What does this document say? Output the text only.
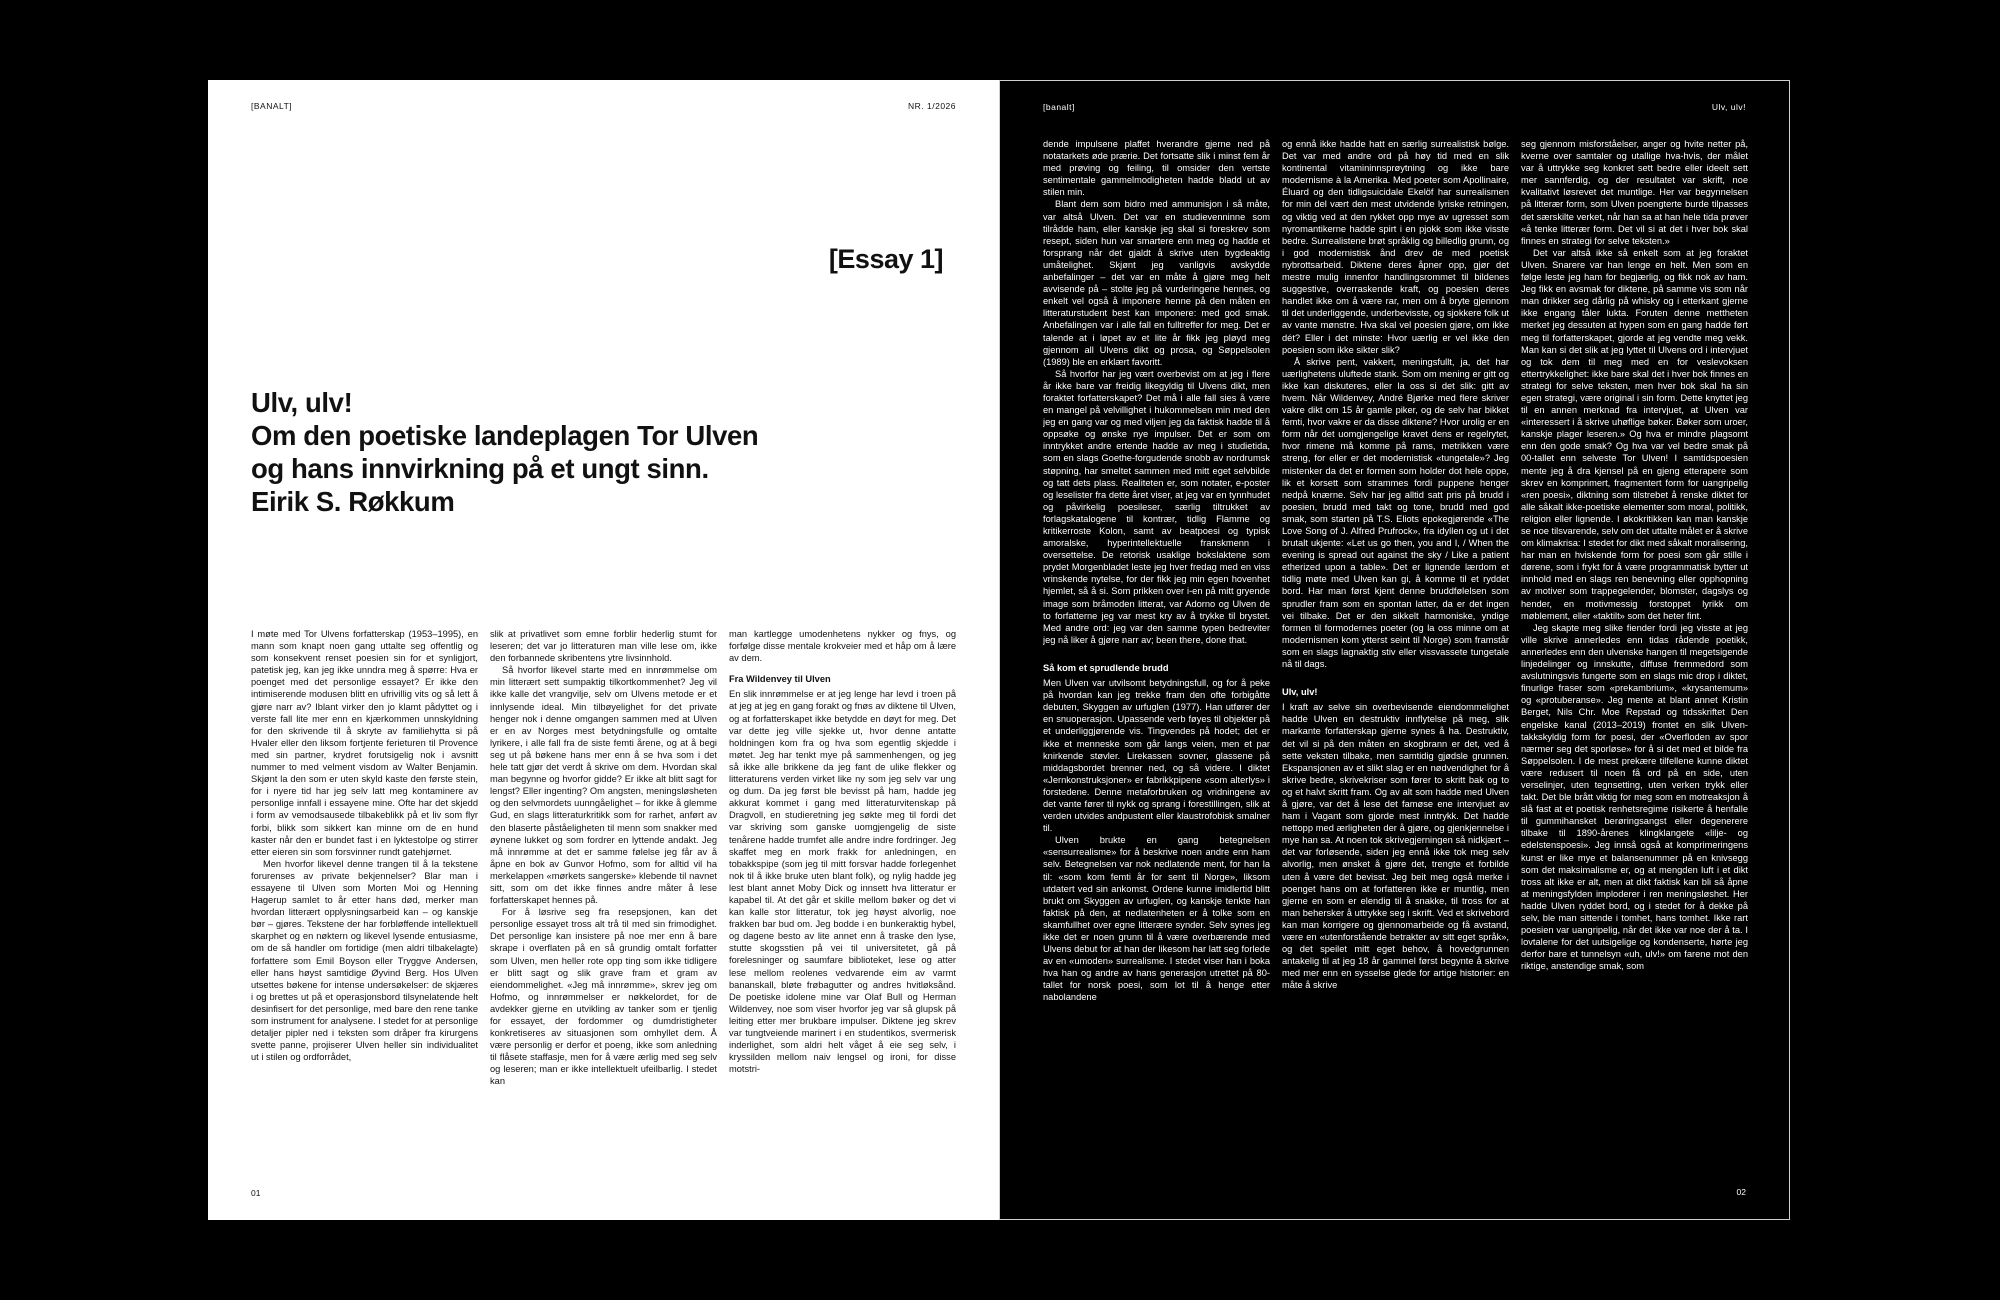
[BANALT]	NR. 1/2026
[Essay 1]
Ulv, ulv!
Om den poetiske landeplagen Tor Ulven
og hans innvirkning på et ungt sinn.
Eirik S. Røkkum

I møte med Tor Ulvens forfatterskap (1953–1995), en mann som knapt noen gang uttalte seg offentlig og som konsekvent renset poesien sin for et synligjort, patetisk jeg, kan jeg ikke unndra meg å spørre: Hva er poenget med det personlige essayet? Er ikke den intimiserende modusen blitt en ufrivillig vits og så lett å gjøre narr av? Iblant virker den jo klamt pådyttet og i verste fall lite mer enn en kjærkommen unnskyldning for den skrivende til å skryte av familiehytta si på Hvaler eller den liksom fortjente ferieturen til Provence med sin partner, krydret forutsigelig nok i avsnitt nummer to med velment visdom av Walter Benjamin. Skjønt la den som er uten skyld kaste den første stein, for i nyere tid har jeg selv latt meg kontaminere av personlige innfall i essayene mine. Ofte har det skjedd i form av vemodsausede tilbakeblikk på et liv som flyr forbi, blikk som sikkert kan minne om de en hund kaster når den er bundet fast i en lyktestolpe og stirrer etter eieren sin som forsvinner rundt gatehjørnet.

Men hvorfor likevel denne trangen til å la tekstene forurenses av private bekjennelser? Blar man i essayene til Ulven som Morten Moi og Henning Hagerup samlet to år etter hans død, merker man hvordan litterært opplysningsarbeid kan – og kanskje bør – gjøres. Tekstene der har forbløffende intellektuell skarphet og en nøktern og likevel lysende entusiasme, om de så handler om fortidige (men aldri tilbakelagte) forfattere som Emil Boyson eller Tryggve Andersen, eller hans høyst samtidige Øyvind Berg. Hos Ulven utsettes bøkene for intense undersøkelser: de skjæres i og brettes ut på et operasjonsbord tilsynelatende helt desinfisert for det personlige, med bare den rene tanke som instrument for analysene. I stedet for at personlige detaljer pipler ned i teksten som dråper fra kirurgens svette panne, projiserer Ulven heller sin individualitet ut i stilen og ordforrådet,

slik at privatlivet som emne forblir hederlig stumt for leseren; det var jo litteraturen man ville lese om, ikke den forbannede skribentens ytre livsinnhold.

Så hvorfor likevel starte med en innrømmelse om min litterært sett sumpaktig tilkortkommenhet? Jeg vil ikke kalle det vrangvilje, selv om Ulvens metode er et innlysende ideal. Min tilbøyelighet for det private henger nok i denne omgangen sammen med at Ulven er en av Norges mest betydningsfulle og omtalte lyrikere, i alle fall fra de siste femti årene, og at å begi seg ut på bøkene hans mer enn å se hva som i det hele tatt gjør det verdt å skrive om dem. Hvordan skal man begynne og hvorfor gidde? Er ikke alt blitt sagt for lengst? Eller ingenting? Om angsten, meningsløsheten og den selvmordets uunngåelighet – for ikke å glemme Gud, en slags litteraturkritikk som for rarhet, anført av den blaserte påståeligheten til menn som snakker med øynene lukket og som fordrer en lyttende andakt. Jeg må innrømme at det er samme følelse jeg får av å åpne en bok av Gunvor Hofmo, som for alltid vil ha merkelappen «mørkets sangerske» klebende til navnet sitt, som om det ikke finnes andre måter å lese forfatterskapet hennes på.

For å løsrive seg fra resepsjonen, kan det personlige essayet tross alt trå til med sin frimodighet. Det personlige kan insistere på noe mer enn å bare skrape i overflaten på en så grundig omtalt forfatter som Ulven, men heller rote opp ting som ikke tidligere er blitt sagt og slik grave fram et gram av eiendommelighet. «Jeg må innrømme», skrev jeg om Hofmo, og innrømmelser er nøkkelordet, for de avdekker gjerne en utvikling av tanker som er tjenlig for essayet, der fordommer og dumdristigheter konkretiseres av situasjonen som omhyllet dem. Å være personlig er derfor et poeng, ikke som anledning til flåsete staffasje, men for å være ærlig med seg selv og leseren; man er ikke intellektuelt ufeilbarlig. I stedet kan

man kartlegge umodenhetens nykker og fnys, og forfølge disse mentale krokveier med et håp om å lære av dem.

Fra Wildenvey til Ulven

En slik innrømmelse er at jeg lenge har levd i troen på at jeg at jeg en gang forakt og fnøs av diktene til Ulven, og at forfatterskapet ikke betydde en døyt for meg. Det var dette jeg ville sjekke ut, hvor denne antatte holdningen kom fra og hva som egentlig skjedde i møtet. Jeg har tenkt mye på sammenhengen, og jeg så ikke alle brikkene da jeg fant de ulike flekker og litteraturens verden virket like ny som jeg selv var ung og dum. Da jeg først ble bevisst på ham, hadde jeg akkurat kommet i gang med litteraturvitenskap på Dragvoll, en studieretning jeg søkte meg til fordi det var skriving som ganske uomgjengelig de siste tenårene hadde trumfet alle andre indre fordringer. Jeg skaffet meg en mork frakk for anledningen, en tobakkspipe (som jeg til mitt forsvar hadde forlegenhet nok til å ikke bruke uten blant folk), og nylig hadde jeg lest blant annet Moby Dick og innsett hva litteratur er kapabel til. At det går et skille mellom bøker og det vi kan kalle stor litteratur, tok jeg høyst alvorlig, noe frakken bar bud om. Jeg bodde i en bunkeraktig hybel, og dagene besto av lite annet enn å traske den lyse, stutte skogsstien på vei til universitetet, gå på forelesninger og saumfare biblioteket, lese og atter lese mellom reolenes vedvarende eim av varmt bananskall, bløte frøbagutter og andres hvitløksånd. De poetiske idolene mine var Olaf Bull og Herman Wildenvey, noe som viser hvorfor jeg var så glupsk på leiting etter mer brukbare impulser. Diktene jeg skrev var tungtveiende marinert i en studentikos, svermerisk inderlighet, som aldri helt våget å eie seg selv, i kryssilden mellom naiv lengsel og ironi, for disse motstri-

01
[banalt]	Ulv, ulv!

dende impulsene plaffet hverandre gjerne ned på notatarkets øde prærie. Det fortsatte slik i minst fem år med prøving og feiling, til omsider den vertste sentimentale gammelmodigheten hadde bladd ut av stilen min.

Blant dem som bidro med ammunisjon i så måte, var altså Ulven. Det var en studievenninne som tilrådde ham, eller kanskje jeg skal si foreskrev som resept, siden hun var smartere enn meg og hadde et forsprang når det gjaldt å skrive uten bygdeaktig umåtelighet. Skjønt jeg vanligvis avskydde anbefalinger – det var en måte å gjøre meg helt avvisende på – stolte jeg på vurderingene hennes, og enkelt vel også å imponere henne på den måten en litteraturstudent best kan imponere: med god smak. Anbefalingen var i alle fall en fulltreffer for meg. Det er talende at i løpet av et lite år fikk jeg pløyd meg gjennom all Ulvens dikt og prosa, og Søppelsolen (1989) ble en erklært favoritt.

Så hvorfor har jeg vært overbevist om at jeg i flere år ikke bare var freidig likegyldig til Ulvens dikt, men foraktet forfatterskapet? Det må i alle fall sies å være en mangel på velvillighet i hukommelsen min med den jeg en gang var og med viljen jeg da faktisk hadde til å oppsøke og ønske nye impulser. Det er som om inntrykket andre ertende hadde av meg i studietida, som en slags Goethe-forgudende snobb av nordrumsk støpning, har smeltet sammen med mitt eget selvbilde og tatt dets plass. Realiteten er, som notater, e-poster og leselister fra dette året viser, at jeg var en tynnhudet og påvirkelig poesileser, særlig tiltrukket av forlagskatalogene til kontrær, tidlig Flamme og kritikerroste Kolon, samt av beatpoesi og typisk amoralske, hyperintellektuelle franskmenn i oversettelse. De retorisk usaklige bokslaktene som prydet Morgenbladet leste jeg hver fredag med en viss vrinskende nytelse, for der fikk jeg min egen hovenhet hjemlet, så å si. Som prikken over i-en på mitt gryende image som bråmoden litterat, var Adorno og Ulven de to forfatterne jeg var mest kry av å trykke til brystet. Med andre ord: jeg var den samme typen bedreviter jeg nå liker å gjøre narr av; been there, done that.

Så kom et sprudlende brudd

Men Ulven var utvilsomt betydningsfull, og for å peke på hvordan kan jeg trekke fram den ofte forbigåtte debuten, Skyggen av urfuglen (1977). Han utfører der en snuoperasjon. Upassende verb føyes til objekter på et underliggjørende vis. Tingvendes på hodet; det er ikke et menneske som går langs veien, men et par knirkende støvler. Lirekassen sovner, glassene på middagsbordet brenner ned, og så videre. I diktet «Jernkonstruksjoner» er fabrikkpipene «som alterlys» i forstedene. Denne metaforbruken og vridningene av det vante fører til nykk og sprang i forestillingen, slik at verden utvides andpustent eller klaustrofobisk smalner til.

Ulven brukte en gang betegnelsen «sensurrealisme» for å beskrive noen andre enn ham selv. Betegnelsen var nok nedlatende ment, for han la til: «som kom femti år for sent til Norge», liksom utdatert ved sin ankomst. Ordene kunne imidlertid blitt brukt om Skyggen av urfuglen, og kanskje tenkte han faktisk på den, at nedlatenheten er å tolke som en skamfullhet over egne litterære synder. Selv synes jeg ikke det er noen grunn til å være overbærende med Ulvens debut for at han der likesom har latt seg forlede av en «umoden» surrealisme. I stedet viser han i boka hva han og andre av hans generasjon utrettet på 80-tallet for norsk poesi, som lot til å henge etter nabolandene

og ennå ikke hadde hatt en særlig surrealistisk bølge. Det var med andre ord på høy tid med en slik kontinental vitamininnsprøytning og ikke bare modernisme à la Amerika. Med poeter som Apollinaire, Éluard og den tidligsuicidale Ekelöf har surrealismen for min del vært den mest utvidende lyriske retningen, og viktig ved at den rykket opp mye av ugresset som nyromantikerne hadde spirt i en pjokk som ikke visste bedre. Surrealistene brøt språklig og billedlig grunn, og i god modernistisk ånd drev de med poetisk nybrottsarbeid. Diktene deres åpner opp, gjør det mestre mulig innenfor handlingsrommet til bildenes suggestive, overraskende kraft, og poesien deres handlet ikke om å være rar, men om å bryte gjennom til det underliggende, underbevisste, og sjokkere folk ut av vante mønstre. Hva skal vel poesien gjøre, om ikke dét? Eller i det minste: Hvor uærlig er vel ikke den poesien som ikke sikter slik?

Å skrive pent, vakkert, meningsfullt, ja, det har uærlighetens uluftede stank. Som om mening er gitt og ikke kan diskuteres, eller la oss si det slik: gitt av hvem. Når Wildenvey, André Bjørke med flere skriver vakre dikt om 15 år gamle piker, og de selv har bikket femti, hvor vakre er da disse diktene? Hvor urolig er en form når det uomgjengelige kravet dens er regelrytet, hvor rimene må komme på rams, metrikken være streng, for eller er det modernistisk «tungetale»? Jeg mistenker da det er formen som holder dot hele oppe, lik et korsett som strammes fordi puppene henger nedpå knærne. Selv har jeg alltid satt pris på brudd i poesien, brudd med takt og tone, brudd med god smak, som starten på T.S. Eliots epokegjørende «The Love Song of J. Alfred Prufrock», fra idyllen og ut i det brutalt ukjente: «Let us go then, you and I, / When the evening is spread out against the sky / Like a patient etherized upon a table». Det er lignende lærdom et tidlig møte med Ulven kan gi, å komme til et ryddet bord. Har man først kjent denne bruddfølelsen som sprudler fram som en spontan latter, da er det ingen vei tilbake. Det er den sikkelt harmoniske, yndige formen til formodernes poeter (og la oss minne om at modernismen kom ytterst seint til Norge) som framstår som en slags lagnaktig stiv eller vissvassete tungetale nå til dags.

Ulv, ulv!

I kraft av selve sin overbevisende eiendommelighet hadde Ulven en destruktiv innflytelse på meg, slik markante forfatterskap gjerne synes å ha. Destruktiv, det vil si på den måten en skogbrann er det, ved å sette veksten tilbake, men samtidig gjødsle grunnen. Ekspansjonen av et slikt slag er en nødvendighet for å skrive bedre, skrivekriser som fører to skritt bak og to og et halvt skritt fram. Og av alt som hadde med Ulven å gjøre, var det å lese det famøse ene intervjuet av ham i Vagant som gjorde mest inntrykk. Det hadde nettopp med ærligheten der å gjøre, og gjenkjennelse i mye han sa. At noen tok skrivegjerningen så nidkjært – det var forløsende, siden jeg ennå ikke tok meg selv alvorlig, men ønsket å gjøre det, trengte et forbilde uten å være det bevisst. Jeg beit meg også merke i poenget hans om at forfatteren ikke er muntlig, men gjerne en som er elendig til å snakke, til tross for at man behersker å uttrykke seg i skrift. Ved et skrivebord kan man korrigere og gjennomarbeide og få avstand, være en «utenforstående betrakter av sitt eget språk», og det speilet mitt eget behov, å hovedgrunnen antakelig til at jeg 18 år gammel først begynte å skrive med mer enn en sysselse glede for artige historier: en måte å skrive

seg gjennom misforståelser, anger og hvite netter på, kverne over samtaler og utallige hva-hvis, der målet var å uttrykke seg konkret sett bedre eller ideelt sett mer sannferdig, og der resultatet var skrift, noe kvalitativt løsrevet det muntlige. Her var begynnelsen på litterær form, som Ulven poengterte burde tilpasses det særskilte verket, når han sa at han hele tida prøver «å tenke litterær form. Det vil si at det i hver bok skal finnes en strategi for selve teksten.»

Det var altså ikke så enkelt som at jeg foraktet Ulven. Snarere var han lenge en helt. Men som en følge leste jeg ham for begjærlig, og fikk nok av ham. Jeg fikk en avsmak for diktene, på samme vis som når man drikker seg dårlig på whisky og i etterkant gjerne ikke engang tåler lukta. Foruten denne mettheten merket jeg dessuten at hypen som en gang hadde ført meg til forfatterskapet, gjorde at jeg vendte meg vekk. Man kan si det slik at jeg lyttet til Ulvens ord i intervjuet og tok dem til meg med en for veslevoksen ettertrykkelighet: ikke bare skal det i hver bok finnes en strategi for selve teksten, men hver bok skal ha sin egen strategi, være original i sin form. Dette knyttet jeg til en annen merknad fra intervjuet, at Ulven var «interessert i å skrive uhøflige bøker. Bøker som uroer, kanskje plager leseren.» Og hva er mindre plagsomt enn den gode smak? Og hva var vel bedre smak på 00-tallet enn selveste Tor Ulven! I samtidspoesien mente jeg å dra kjensel på en gjeng etterapere som skrev en komprimert, fragmentert form for uangripelig «ren poesi», diktning som tilstrebet å renske diktet for alle såkalt ikke-poetiske elementer som moral, politikk, religion eller lignende. I økokritikken kan man kanskje se noe tilsvarende, selv om det uttalte målet er å skrive om klimakrisa: I stedet for dikt med såkalt moralisering, har man en hviskende form for poesi som går stille i dørene, som i frykt for å være programmatisk bytter ut innhold med en slags ren benevning eller opphopning av motiver som trappegelender, blomster, dagslys og hender, en motivmessig forstoppet lyrikk om møblement, eller «taktilt» som det heter fint.

Jeg skapte meg slike fiender fordi jeg visste at jeg ville skrive annerledes enn tidas rådende poetikk, annerledes enn den ulvenske hangen til megetsigende linjedelinger og innskutte, diffuse fremmedord som avslutningsvis fungerte som en slags mic drop i diktet, finurlige fraser som «prekambrium», «krysantemum» og «protuberanse». Jeg mente at blant annet Kristin Berget, Nils Chr. Moe Repstad og tidsskriftet Den engelske kanal (2013–2019) frontet en slik Ulven-takkskyldig form for poesi, der «Overfloden av spor nærmer seg det sporløse» for å si det med et bilde fra Søppelsolen. I de mest prekære tilfellene kunne diktet være redusert til noen få ord på en side, uten verselinjer, uten tegnsetting, uten verken trykk eller takt. Det ble brått viktig for meg som en motreaksjon å slå fast at et poetisk renhetsregime risikerte å henfalle til gummihansket berøringsangst eller degenerere tilbake til 1890-årenes klingklangete «lilje- og edelstenspoesi». Jeg innså også at komprimeringens kunst er like mye et balansenummer på en knivsegg som det maksimalisme er, og at mengden luft i et dikt tross alt ikke er alt, men at dikt faktisk kan bli så åpne at meningsfylden imploderer i ren meningsløshet. Her hadde Ulven ryddet bord, og i stedet for å dekke på selv, ble man sittende i tomhet, hans tomhet. Ikke rart poesien var uangripelig, når det ikke var noe der å ta. I lovtalene for det uutsigelige og kondenserte, hørte jeg derfor bare et tunnelsyn «uh, ulv!» om farene mot den riktige, anstendige smak, som

02
